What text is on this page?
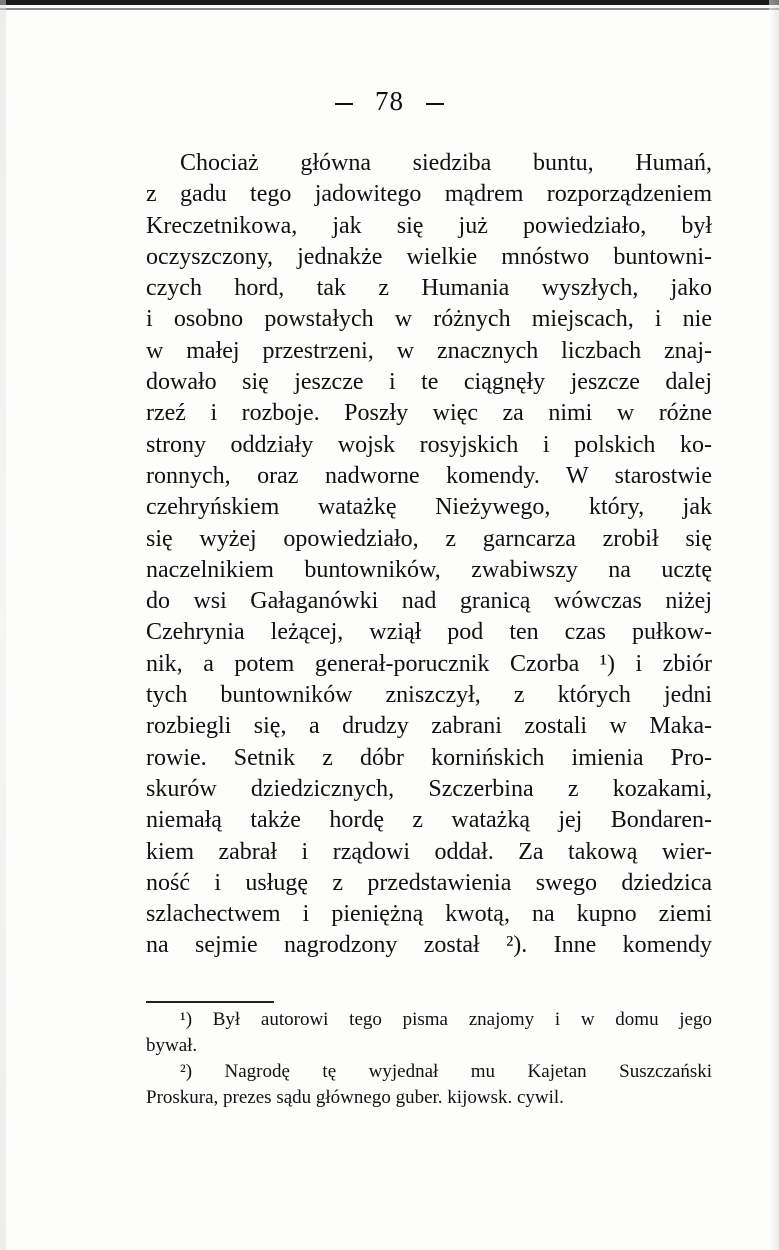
78
Chociaż główna siedziba buntu, Humań,
z gadu tego jadowitego mądrem rozporządzeniem
Kreczetnikowa, jak się już powiedziało, był
oczyszczony, jednakże wielkie mnóstwo buntowni-
czych hord, tak z Humania wyszłych, jako
i osobno powstałych w różnych miejscach, i nie
w małej przestrzeni, w znacznych liczbach znaj-
dowało się jeszcze i te ciągnęły jeszcze dalej
rzeź i rozboje. Poszły więc za nimi w różne
strony oddziały wojsk rosyjskich i polskich ko-
ronnych, oraz nadworne komendy. W starostwie
czehryńskiem watażkę Nieżywego, który, jak
się wyżej opowiedziało, z garncarza zrobił się
naczelnikiem buntowników, zwabiwszy na ucztę
do wsi Gałaganówki nad granicą wówczas niżej
Czehrynia leżącej, wziął pod ten czas pułkow-
nik, a potem generał-porucznik Czorba ¹) i zbiór
tych buntowników zniszczył, z których jedni
rozbiegli się, a drudzy zabrani zostali w Maka-
rowie. Setnik z dóbr kornińskich imienia Pro-
skurów dziedzicznych, Szczerbina z kozakami,
niemałą także hordę z watażką jej Bondaren-
kiem zabrał i rządowi oddał. Za takową wier-
ność i usługę z przedstawienia swego dziedzica
szlachectwem i pieniężną kwotą, na kupno ziemi
na sejmie nagrodzony został ²). Inne komendy
¹) Był autorowi tego pisma znajomy i w domu jego
bywał.
²) Nagrodę tę wyjednał mu Kajetan Suszczański
Proskura, prezes sądu głównego guber. kijowsk. cywil.
